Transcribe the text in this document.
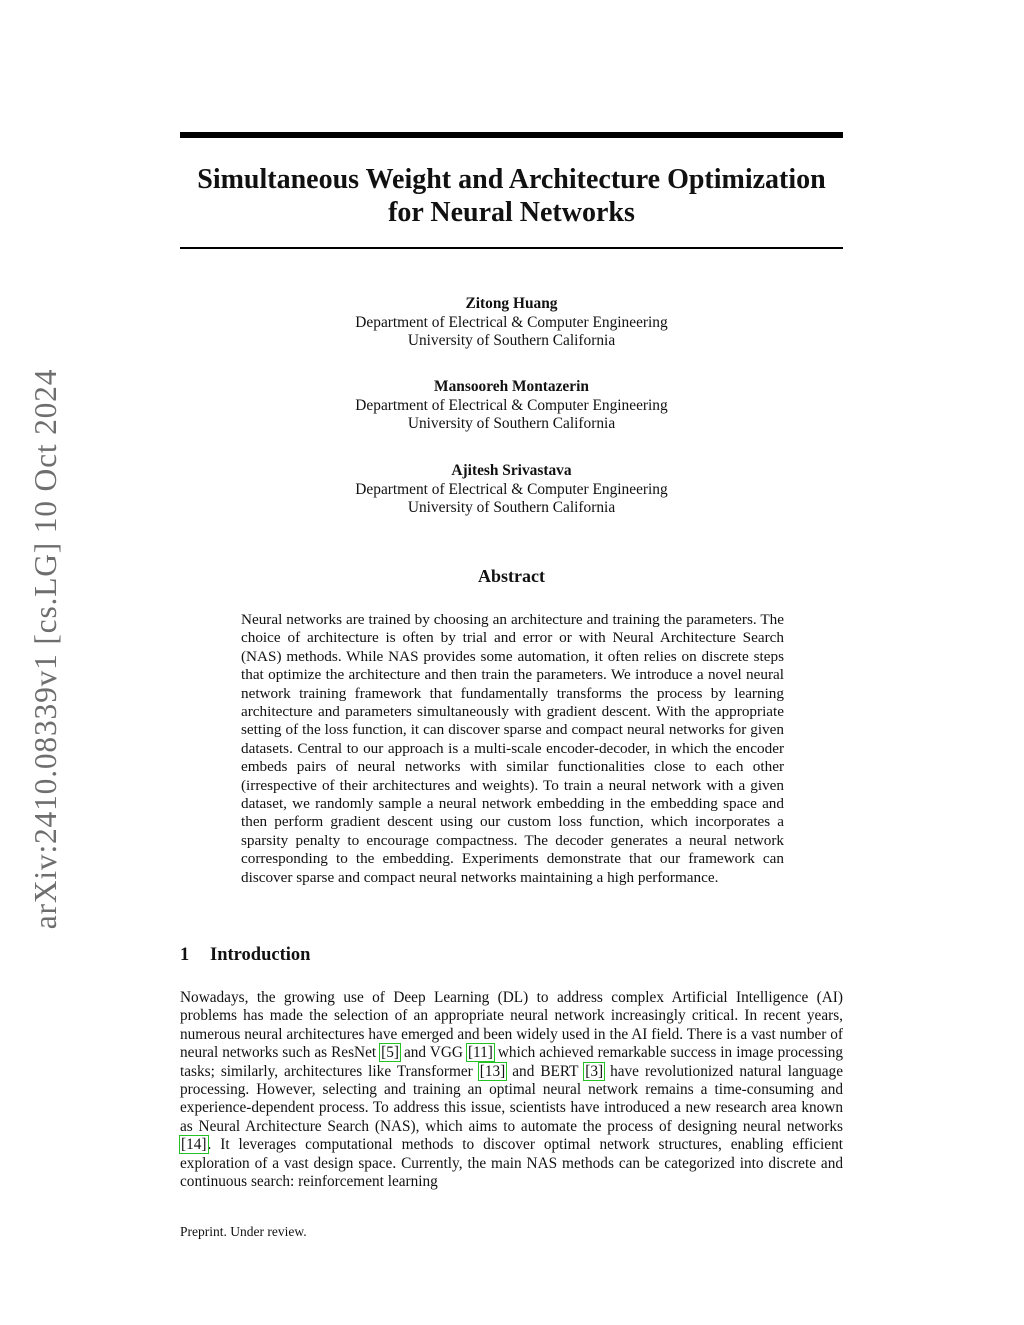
arXiv:2410.08339v1 [cs.LG] 10 Oct 2024
Simultaneous Weight and Architecture Optimization
for Neural Networks
Zitong Huang
Department of Electrical & Computer Engineering
University of Southern California
Mansooreh Montazerin
Department of Electrical & Computer Engineering
University of Southern California
Ajitesh Srivastava
Department of Electrical & Computer Engineering
University of Southern California
Abstract

Neural networks are trained by choosing an architecture and training the parameters. The choice of architecture is often by trial and error or with Neural Architecture Search (NAS) methods. While NAS provides some automation, it often relies on discrete steps that optimize the architecture and then train the parameters. We introduce a novel neural network training framework that fundamentally transforms the process by learning architecture and parameters simultaneously with gradient descent. With the appropriate setting of the loss function, it can discover sparse and compact neural networks for given datasets. Central to our approach is a multi-scale encoder-decoder, in which the encoder embeds pairs of neural networks with similar functionalities close to each other (irrespective of their architectures and weights). To train a neural network with a given dataset, we randomly sample a neural network embedding in the embedding space and then perform gradient descent using our custom loss function, which incorporates a sparsity penalty to encourage compactness. The decoder generates a neural network corresponding to the embedding. Experiments demonstrate that our framework can discover sparse and compact neural networks maintaining a high performance.

1 Introduction

Nowadays, the growing use of Deep Learning (DL) to address complex Artificial Intelligence (AI) problems has made the selection of an appropriate neural network increasingly critical. In recent years, numerous neural architectures have emerged and been widely used in the AI field. There is a vast number of neural networks such as ResNet [5] and VGG [11] which achieved remarkable success in image processing tasks; similarly, architectures like Transformer [13] and BERT [3] have revolutionized natural language processing. However, selecting and training an optimal neural network remains a time-consuming and experience-dependent process. To address this issue, scientists have introduced a new research area known as Neural Architecture Search (NAS), which aims to automate the process of designing neural networks [14]. It leverages computational methods to discover optimal network structures, enabling efficient exploration of a vast design space. Currently, the main NAS methods can be categorized into discrete and continuous search: reinforcement learning

Preprint. Under review.
